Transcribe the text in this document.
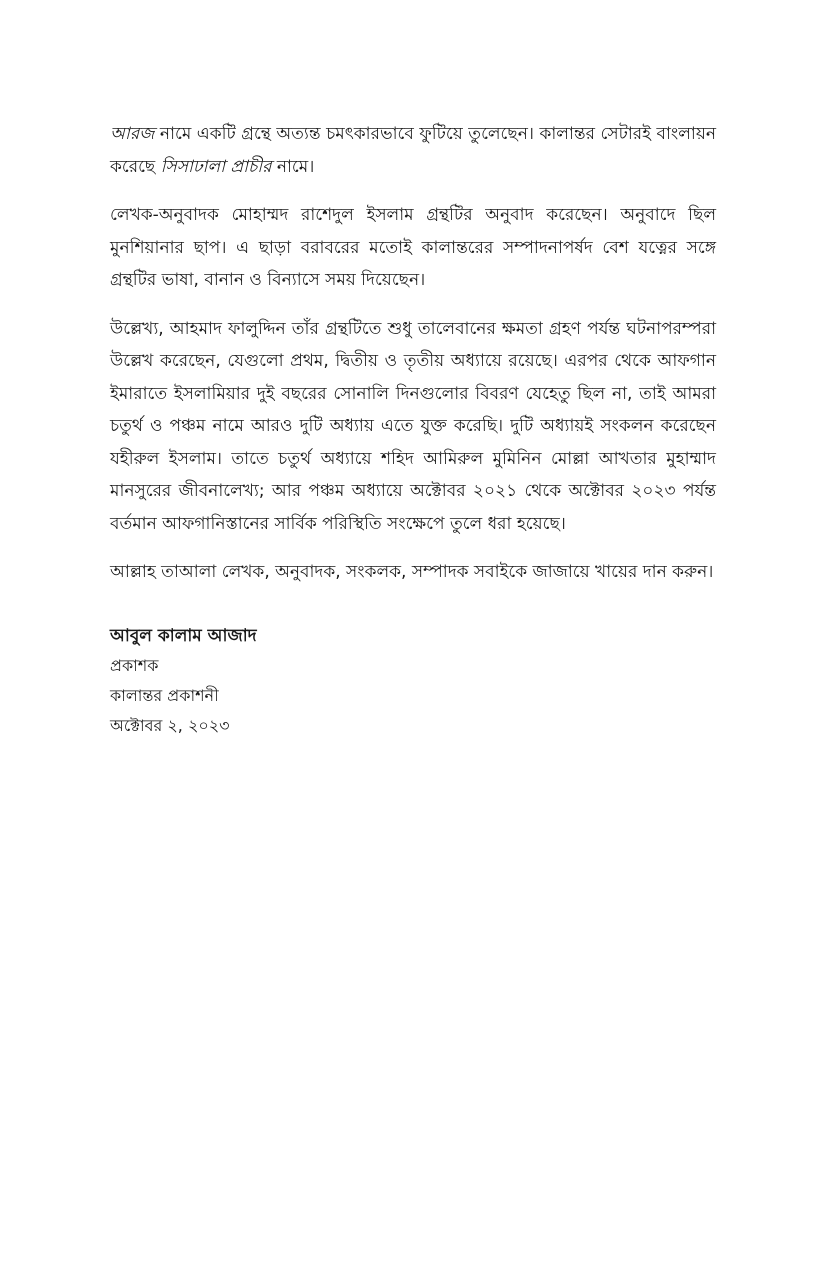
আরজ নামে একটি গ্রন্থে অত্যন্ত চমৎকারভাবে ফুটিয়ে তুলেছেন। কালান্তর সেটারই বাংলায়ন করেছে সিসাঢালা প্রাচীর নামে।

লেখক-অনুবাদক মোহাম্মদ রাশেদুল ইসলাম গ্রন্থটির অনুবাদ করেছেন। অনুবাদে ছিল মুনশিয়ানার ছাপ। এ ছাড়া বরাবরের মতোই কালান্তরের সম্পাদনাপর্ষদ বেশ যত্নের সঙ্গে গ্রন্থটির ভাষা, বানান ও বিন্যাসে সময় দিয়েছেন।

উল্লেখ্য, আহমাদ ফালুদ্দিন তাঁর গ্রন্থটিতে শুধু তালেবানের ক্ষমতা গ্রহণ পর্যন্ত ঘটনাপরম্পরা উল্লেখ করেছেন, যেগুলো প্রথম, দ্বিতীয় ও তৃতীয় অধ্যায়ে রয়েছে। এরপর থেকে আফগান ইমারাতে ইসলামিয়ার দুই বছরের সোনালি দিনগুলোর বিবরণ যেহেতু ছিল না, তাই আমরা চতুর্থ ও পঞ্চম নামে আরও দুটি অধ্যায় এতে যুক্ত করেছি। দুটি অধ্যায়ই সংকলন করেছেন যহীরুল ইসলাম। তাতে চতুর্থ অধ্যায়ে শহিদ আমিরুল মুমিনিন মোল্লা আখতার মুহাম্মাদ মানসুরের জীবনালেখ্য; আর পঞ্চম অধ্যায়ে অক্টোবর ২০২১ থেকে অক্টোবর ২০২৩ পর্যন্ত বর্তমান আফগানিস্তানের সার্বিক পরিস্থিতি সংক্ষেপে তুলে ধরা হয়েছে।

আল্লাহ তাআলা লেখক, অনুবাদক, সংকলক, সম্পাদক সবাইকে জাজায়ে খায়ের দান করুন।

আবুল কালাম আজাদ
প্রকাশক
কালান্তর প্রকাশনী
অক্টোবর ২, ২০২৩
